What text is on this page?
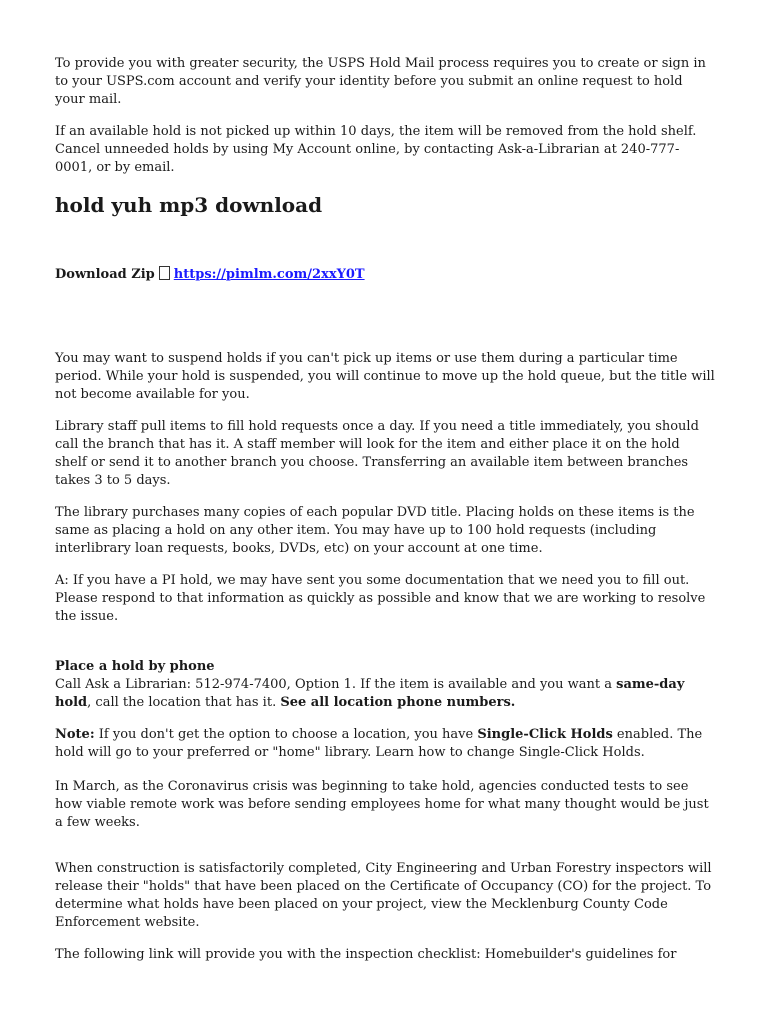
To provide you with greater security, the USPS Hold Mail process requires you to create or sign in to your USPS.com account and verify your identity before you submit an online request to hold your mail.

If an available hold is not picked up within 10 days, the item will be removed from the hold shelf. Cancel unneeded holds by using My Account online, by contacting Ask-a-Librarian at 240-777-0001, or by email.

hold yuh mp3 download
Download Zip https://pimlm.com/2xxY0T

You may want to suspend holds if you can't pick up items or use them during a particular time period. While your hold is suspended, you will continue to move up the hold queue, but the title will not become available for you.

Library staff pull items to fill hold requests once a day. If you need a title immediately, you should call the branch that has it. A staff member will look for the item and either place it on the hold shelf or send it to another branch you choose. Transferring an available item between branches takes 3 to 5 days.

The library purchases many copies of each popular DVD title. Placing holds on these items is the same as placing a hold on any other item. You may have up to 100 hold requests (including interlibrary loan requests, books, DVDs, etc) on your account at one time.

A: If you have a PI hold, we may have sent you some documentation that we need you to fill out. Please respond to that information as quickly as possible and know that we are working to resolve the issue.

Place a hold by phone
Call Ask a Librarian: 512-974-7400, Option 1. If the item is available and you want a same-day hold, call the location that has it. See all location phone numbers.

Note: If you don't get the option to choose a location, you have Single-Click Holds enabled. The hold will go to your preferred or "home" library. Learn how to change Single-Click Holds.

In March, as the Coronavirus crisis was beginning to take hold, agencies conducted tests to see how viable remote work was before sending employees home for what many thought would be just a few weeks.

When construction is satisfactorily completed, City Engineering and Urban Forestry inspectors will release their "holds" that have been placed on the Certificate of Occupancy (CO) for the project. To determine what holds have been placed on your project, view the Mecklenburg County Code Enforcement website.

The following link will provide you with the inspection checklist: Homebuilder's guidelines for
